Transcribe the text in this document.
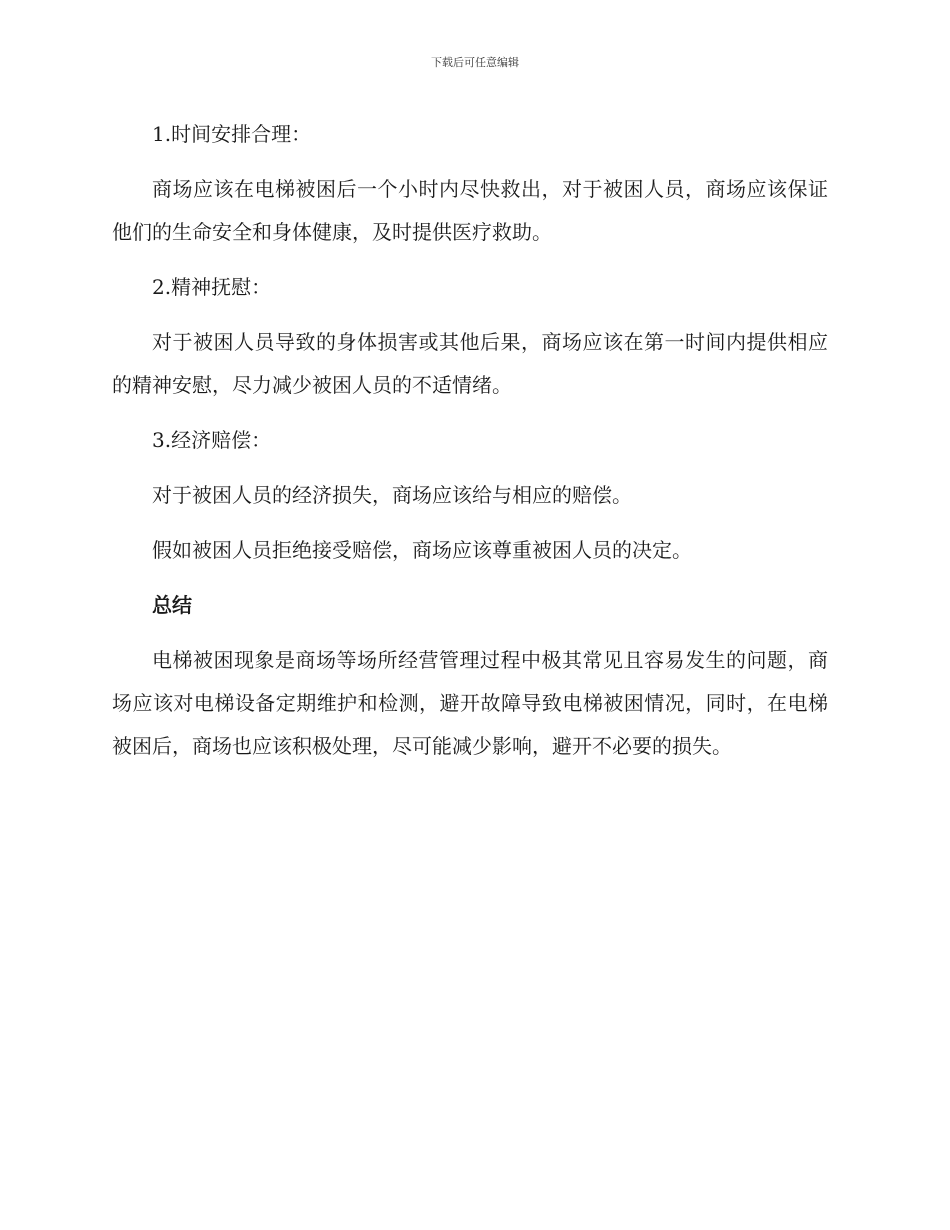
下载后可任意编辑

1.时间安排合理：

商场应该在电梯被困后一个小时内尽快救出，对于被困人员，商场应该保证他们的生命安全和身体健康，及时提供医疗救助。

2.精神抚慰：

对于被困人员导致的身体损害或其他后果，商场应该在第一时间内提供相应的精神安慰，尽力减少被困人员的不适情绪。

3.经济赔偿：

对于被困人员的经济损失，商场应该给与相应的赔偿。

假如被困人员拒绝接受赔偿，商场应该尊重被困人员的决定。

总结

电梯被困现象是商场等场所经营管理过程中极其常见且容易发生的问题，商场应该对电梯设备定期维护和检测，避开故障导致电梯被困情况，同时，在电梯被困后，商场也应该积极处理，尽可能减少影响，避开不必要的损失。
